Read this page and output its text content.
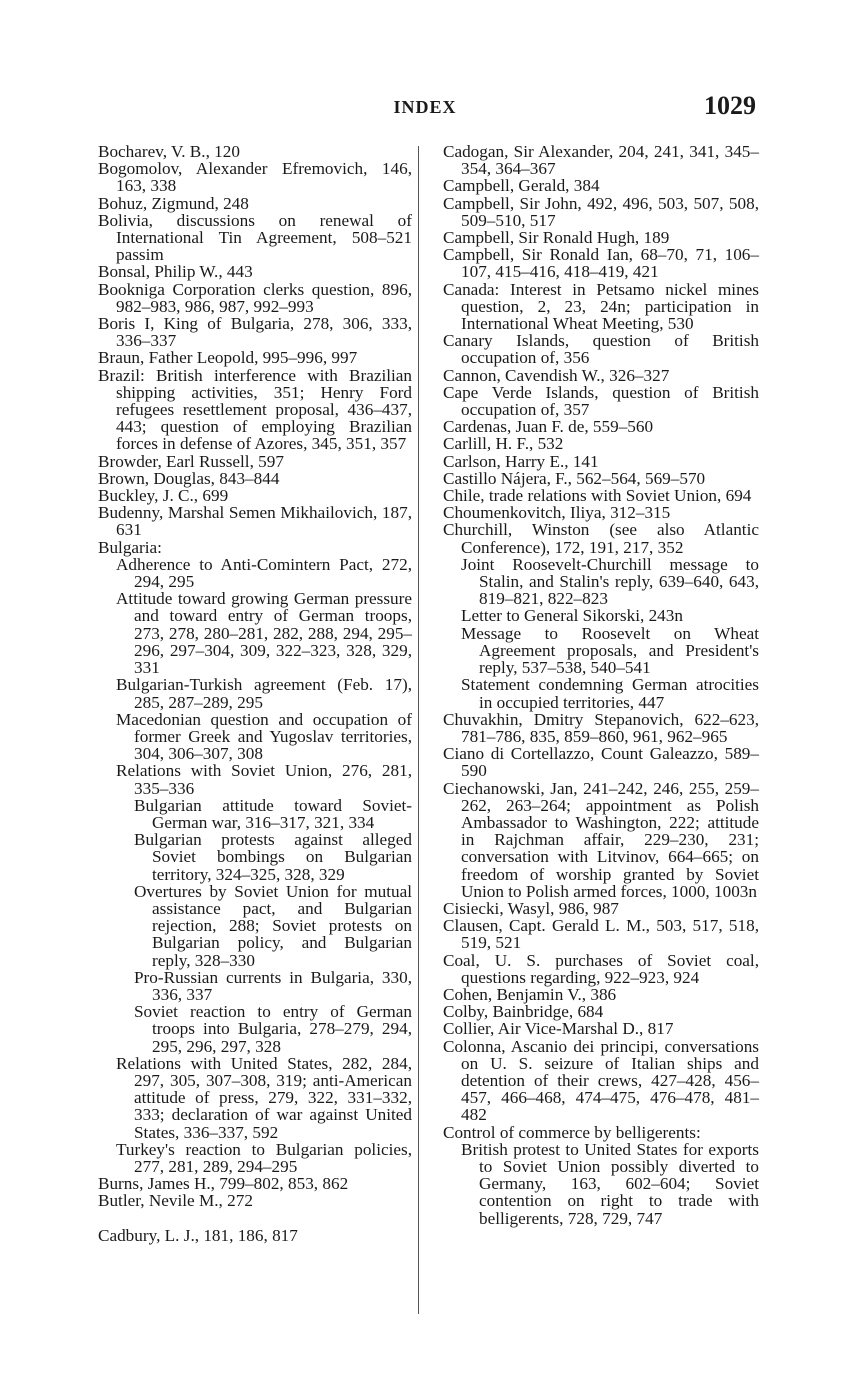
INDEX	1029
Bocharev, V. B., 120
Bogomolov, Alexander Efremovich, 146, 163, 338
Bohuz, Zigmund, 248
Bolivia, discussions on renewal of International Tin Agreement, 508–521 passim
Bonsal, Philip W., 443
Bookniga Corporation clerks question, 896, 982–983, 986, 987, 992–993
Boris I, King of Bulgaria, 278, 306, 333, 336–337
Braun, Father Leopold, 995–996, 997
Brazil: British interference with Brazilian shipping activities, 351; Henry Ford refugees resettlement proposal, 436–437, 443; question of employing Brazilian forces in defense of Azores, 345, 351, 357
Browder, Earl Russell, 597
Brown, Douglas, 843–844
Buckley, J. C., 699
Budenny, Marshal Semen Mikhailovich, 187, 631
Bulgaria:
Adherence to Anti-Comintern Pact, 272, 294, 295
Attitude toward growing German pressure and toward entry of German troops, 273, 278, 280–281, 282, 288, 294, 295–296, 297–304, 309, 322–323, 328, 329, 331
Bulgarian-Turkish agreement (Feb. 17), 285, 287–289, 295
Macedonian question and occupation of former Greek and Yugoslav territories, 304, 306–307, 308
Relations with Soviet Union, 276, 281, 335–336
Bulgarian attitude toward Soviet-German war, 316–317, 321, 334
Bulgarian protests against alleged Soviet bombings on Bulgarian territory, 324–325, 328, 329
Overtures by Soviet Union for mutual assistance pact, and Bulgarian rejection, 288; Soviet protests on Bulgarian policy, and Bulgarian reply, 328–330
Pro-Russian currents in Bulgaria, 330, 336, 337
Soviet reaction to entry of German troops into Bulgaria, 278–279, 294, 295, 296, 297, 328
Relations with United States, 282, 284, 297, 305, 307–308, 319; anti-American attitude of press, 279, 322, 331–332, 333; declaration of war against United States, 336–337, 592
Turkey's reaction to Bulgarian policies, 277, 281, 289, 294–295
Burns, James H., 799–802, 853, 862
Butler, Nevile M., 272
Cadbury, L. J., 181, 186, 817
Cadogan, Sir Alexander, 204, 241, 341, 345–354, 364–367
Campbell, Gerald, 384
Campbell, Sir John, 492, 496, 503, 507, 508, 509–510, 517
Campbell, Sir Ronald Hugh, 189
Campbell, Sir Ronald Ian, 68–70, 71, 106–107, 415–416, 418–419, 421
Canada: Interest in Petsamo nickel mines question, 2, 23, 24n; participation in International Wheat Meeting, 530
Canary Islands, question of British occupation of, 356
Cannon, Cavendish W., 326–327
Cape Verde Islands, question of British occupation of, 357
Cardenas, Juan F. de, 559–560
Carlill, H. F., 532
Carlson, Harry E., 141
Castillo Nájera, F., 562–564, 569–570
Chile, trade relations with Soviet Union, 694
Choumenkovitch, Iliya, 312–315
Churchill, Winston (see also Atlantic Conference), 172, 191, 217, 352
Joint Roosevelt-Churchill message to Stalin, and Stalin's reply, 639–640, 643, 819–821, 822–823
Letter to General Sikorski, 243n
Message to Roosevelt on Wheat Agreement proposals, and President's reply, 537–538, 540–541
Statement condemning German atrocities in occupied territories, 447
Chuvakhin, Dmitry Stepanovich, 622–623, 781–786, 835, 859–860, 961, 962–965
Ciano di Cortellazzo, Count Galeazzo, 589–590
Ciechanowski, Jan, 241–242, 246, 255, 259–262, 263–264; appointment as Polish Ambassador to Washington, 222; attitude in Rajchman affair, 229–230, 231; conversation with Litvinov, 664–665; on freedom of worship granted by Soviet Union to Polish armed forces, 1000, 1003n
Cisiecki, Wasyl, 986, 987
Clausen, Capt. Gerald L. M., 503, 517, 518, 519, 521
Coal, U. S. purchases of Soviet coal, questions regarding, 922–923, 924
Cohen, Benjamin V., 386
Colby, Bainbridge, 684
Collier, Air Vice-Marshal D., 817
Colonna, Ascanio dei principi, conversations on U. S. seizure of Italian ships and detention of their crews, 427–428, 456–457, 466–468, 474–475, 476–478, 481–482
Control of commerce by belligerents:
British protest to United States for exports to Soviet Union possibly diverted to Germany, 163, 602–604; Soviet contention on right to trade with belligerents, 728, 729, 747
